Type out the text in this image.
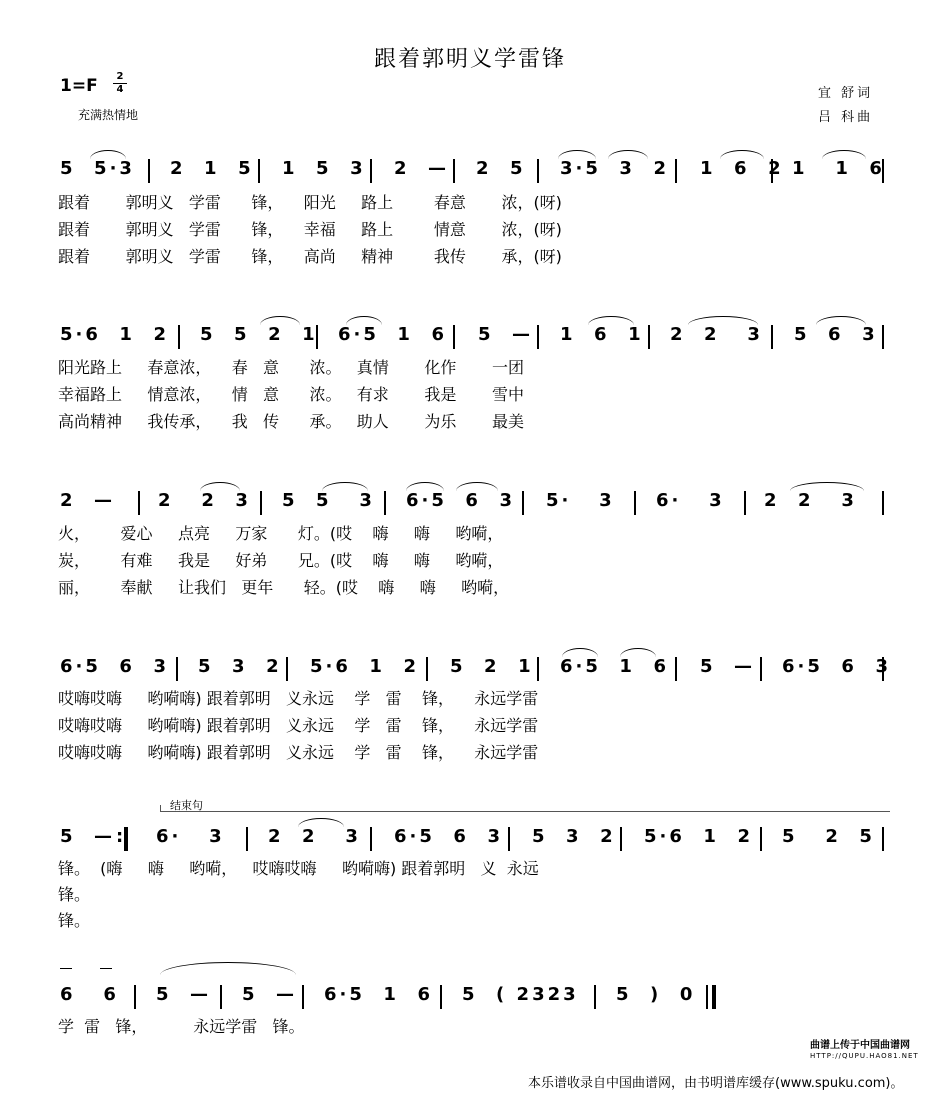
跟着郭明义学雷锋
1=F	2
4
充满热情地
宜 舒词
吕 科曲
5  5·3 2  1  5 1  5  3 2  — 2  5 3·5  3  2 1  6  2 1   1  6
跟着       郭明义   学雷      锋，    阳光     路上        春意       浓，(呀)
跟着       郭明义   学雷      锋，    幸福     路上        情意       浓，(呀)
跟着       郭明义   学雷      锋，    高尚     精神        我传       承，(呀)
5·6  1  2 5  5  2  1 6·5  1  6 5  — 1  6  1 2  2   3 5  6  3
阳光路上     春意浓，    春   意      浓。   真情       化作       一团
幸福路上     情意浓，    情   意      浓。   有求       我是       雪中
高尚精神     我传承，    我   传      承。   助人       为乐       最美
2  — 2   2  3 5  5   3 6·5  6  3 5·   3 6·   3 2  2   3
火，      爱心     点亮     万家      灯。(哎    嗨     嗨     哟嗬，
炭，      有难     我是     好弟      兄。(哎    嗨     嗨     哟嗬，
丽，      奉献     让我们   更年      轻。(哎    嗨     嗨     哟嗬，
6·5  6  3 5  3  2 5·6  1  2 5  2  1 6·5  1  6 5  — 6·5  6  3
哎嗨哎嗨     哟嗬嗨) 跟着郭明   义永远    学   雷    锋，    永远学雷
哎嗨哎嗨     哟嗬嗨) 跟着郭明   义永远    学   雷    锋，    永远学雷
哎嗨哎嗨     哟嗬嗨) 跟着郭明   义永远    学   雷    锋，    永远学雷
结束句
5  — : 6·   3 2  2   3 6·5  6  3 5  3  2 5·6  1  2 5   2  5
锋。  (嗨     嗨     哟嗬，   哎嗨哎嗨     哟嗬嗨) 跟着郭明   义  永远
锋。
锋。
6   6 5  — 5  — 6·5  1  6 5  ( 2323 5  )  0
学  雷   锋，         永远学雷   锋。
曲谱上传于中国曲谱网
HTTP://QUPU.HAO81.NET
本乐谱收录自中国曲谱网，由书明谱库缓存(www.spuku.com)。
